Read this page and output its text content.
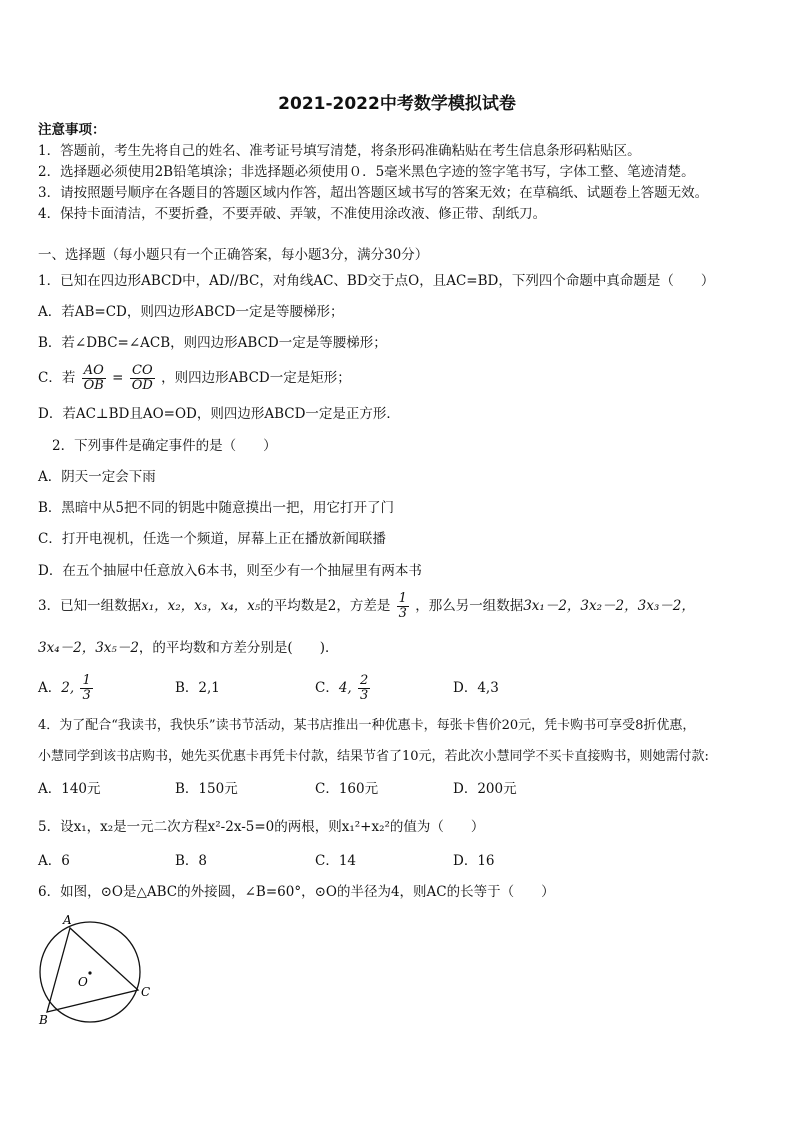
2021-2022中考数学模拟试卷
注意事项：
1．答题前，考生先将自己的姓名、准考证号填写清楚，将条形码准确粘贴在考生信息条形码粘贴区。
2．选择题必须使用2B铅笔填涂；非选择题必须使用０．5毫米黑色字迹的签字笔书写，字体工整、笔迹清楚。
3．请按照题号顺序在各题目的答题区域内作答，超出答题区域书写的答案无效；在草稿纸、试题卷上答题无效。
4．保持卡面清洁，不要折叠，不要弄破、弄皱，不准使用涂改液、修正带、刮纸刀。
一、选择题（每小题只有一个正确答案，每小题3分，满分30分）
1．已知在四边形ABCD中，AD//BC，对角线AC、BD交于点O，且AC=BD，下列四个命题中真命题是（　　）
A．若AB=CD，则四边形ABCD一定是等腰梯形；
B．若∠DBC=∠ACB，则四边形ABCD一定是等腰梯形；
C．若 $\frac{AO}{OB} = \frac{CO}{OD}$ ，则四边形ABCD一定是矩形；
D．若AC⊥BD且AO=OD，则四边形ABCD一定是正方形．
2．下列事件是确定事件的是（　　）
A．阴天一定会下雨
B．黑暗中从5把不同的钥匙中随意摸出一把，用它打开了门
C．打开电视机，任选一个频道，屏幕上正在播放新闻联播
D．在五个抽屉中任意放入6本书，则至少有一个抽屉里有两本书
3．已知一组数据x₁，x₂，x₃，x₄，x₅的平均数是2，方差是 $\frac{1}{3}$ ，那么另一组数据3x₁－2，3x₂－2，3x₃－2，
3x₄－2，3x₅－2，的平均数和方差分别是(　　)．
A．2, $\frac{1}{3}$	B．2,1	C．4, $\frac{2}{3}$	D．4,3
4．为了配合“我读书，我快乐”读书节活动，某书店推出一种优惠卡，每张卡售价20元，凭卡购书可享受8折优惠，
小慧同学到该书店购书，她先买优惠卡再凭卡付款，结果节省了10元，若此次小慧同学不买卡直接购书，则她需付款:
A．140元	B．150元	C．160元	D．200元
5．设x₁，x₂是一元二次方程x²-2x-5=0的两根，则x₁²+x₂²的值为（　　）
A．6	B．8	C．14	D．16
6．如图，⊙O是△ABC的外接圆，∠B=60°，⊙O的半径为4，则AC的长等于（　　）
A
B
C
O
